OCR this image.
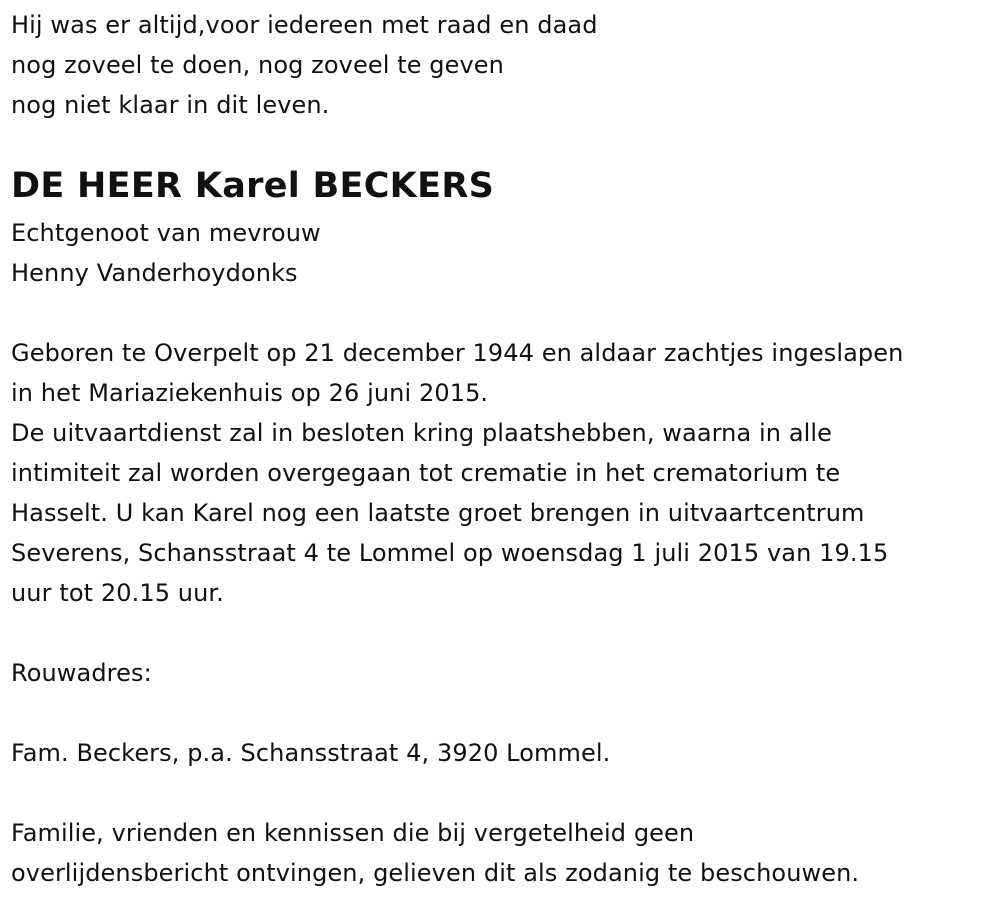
Hij was er altijd,voor iedereen met raad en daad
nog zoveel te doen, nog zoveel te geven
nog niet klaar in dit leven.
DE HEER Karel BECKERS
Echtgenoot van mevrouw
Henny Vanderhoydonks
Geboren te Overpelt op 21 december 1944 en aldaar zachtjes ingeslapen
in het Mariaziekenhuis op 26 juni 2015.
De uitvaartdienst zal in besloten kring plaatshebben, waarna in alle
intimiteit zal worden overgegaan tot crematie in het crematorium te
Hasselt. U kan Karel nog een laatste groet brengen in uitvaartcentrum
Severens, Schansstraat 4 te Lommel op woensdag 1 juli 2015 van 19.15
uur tot 20.15 uur.
Rouwadres:
Fam. Beckers, p.a. Schansstraat 4, 3920 Lommel.
Familie, vrienden en kennissen die bij vergetelheid geen
overlijdensbericht ontvingen, gelieven dit als zodanig te beschouwen.
